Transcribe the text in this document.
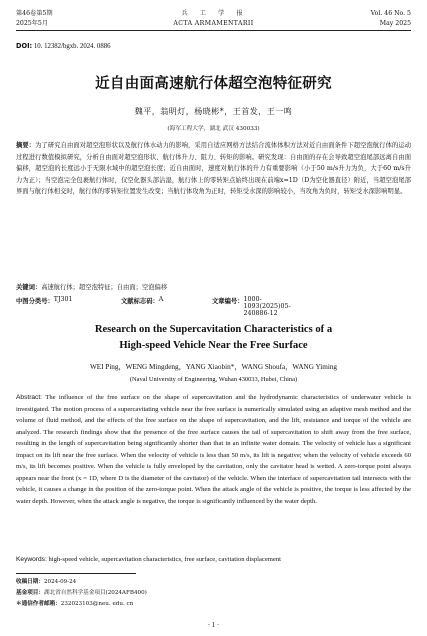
第46卷第5期	兵　工　学　报	Vol. 46 No. 5
2025年5月	ACTA ARMAMENTARII	May 2025
DOI: 10. 12382/bgxb. 2024. 0886
近自由面高速航行体超空泡特征研究
魏平，翁明灯，杨晓彬*，王首发，王一鸣
(海军工程大学，湖北 武汉 430033)
摘要：为了研究自由面对超空泡形状以及航行体水动力的影响，采用自适应网格方法结合流体体积方法对近自由面条件下超空泡航行体的运动过程进行数值模拟研究，分析自由面对超空泡形状、航行体升力、阻力、转矩的影响。研究发现：自由面的存在会导致超空泡尾部远离自由面偏移，超空泡的长度远小于无限水域中的超空泡长度；近自由面时，速度对航行体的升力有重要影响（小于50 m/s升力为负，大于60 m/s升力为正）；当空泡完全包裹航行体时，仅空化器头部沾湿，航行体上的零转矩点始终出现在前端x=1D（D为空化器直径）附近，当超空泡尾部界面与航行体相交时，航行体的零转矩位置发生改变；当航行体攻角为正时，转矩受水深的影响较小，当攻角为负时，转矩受水深影响明显。
关键词：高速航行体；超空泡特征；自由面；空泡偏移
中图分类号： TJ301	文献标志码： A	文章编号： 1000-1093(2025)05-240886-12
Research on the Supercavitation Characteristics of a
High-speed Vehicle Near the Free Surface
WEI Ping，WENG Mingdeng，YANG Xiaobin*，WANG Shoufa，WANG Yiming
(Naval University of Engineering, Wuhan 430033, Hubei, China)
Abstract: The influence of the free surface on the shape of supercavitation and the hydrodynamic characteristics of underwater vehicle is investigated. The motion process of a supercavitating vehicle near the free surface is numerically simulated using an adaptive mesh method and the volume of fluid method, and the effects of the free surface on the shape of supercavitation, and the lift, resistance and torque of the vehicle are analyzed. The research findings show that the presence of the free surface causes the tail of supercavitation to shift away from the free surface, resulting in the length of supercavitation being significantly shorter than that in an infinite water domain. The velocity of vehicle has a significant impact on its lift near the free surface. When the velocity of vehicle is less than 50 m/s, its lift is negative; when the velocity of vehicle exceeds 60 m/s, its lift becomes positive. When the vehicle is fully enveloped by the cavitation, only the cavitator head is wetted. A zero-torque point always appears near the front (x = 1D, where D is the diameter of the cavitator) of the vehicle. When the interface of supercavitation tail intersects with the vehicle, it causes a change in the position of the zero-torque point. When the attack angle of the vehicle is positive, the torque is less affected by the water depth. However, when the attack angle is negative, the torque is significantly influenced by the water depth.
Keywords: high-speed vehicle, supercavitation characteristics, free surface, cavitation displacement
收稿日期：2024-09-24
基金项目：湖北省自然科学基金项目(2024AFB400)
＊通信作者邮箱：232023103@neu. edu. cn
· 1 ·
